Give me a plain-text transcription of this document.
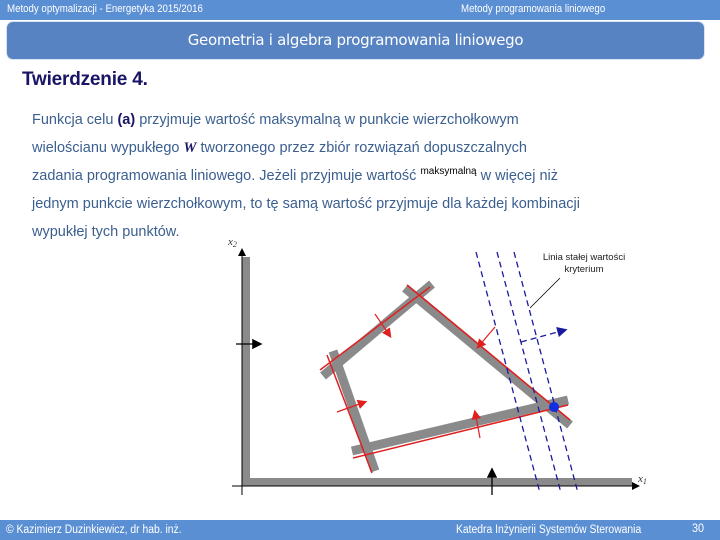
Metody optymalizacji - Energetyka 2015/2016	Metody programowania liniowego
Geometria i algebra programowania liniowego
Twierdzenie 4.
Funkcja celu (a) przyjmuje wartość maksymalną w punkcie wierzchołkowym
wielościanu wypukłego W tworzonego przez zbiór rozwiązań dopuszczalnych
zadania programowania liniowego. Jeżeli przyjmuje wartość $^{maksymalną}$ w więcej niż
jednym punkcie wierzchołkowym, to tę samą wartość przyjmuje dla każdej kombinacji
wypukłej tych punktów.
x2
x1
Linia stałej wartości
kryterium
© Kazimierz Duzinkiewicz, dr hab. inż.	Katedra Inżynierii Systemów Sterowania	30
